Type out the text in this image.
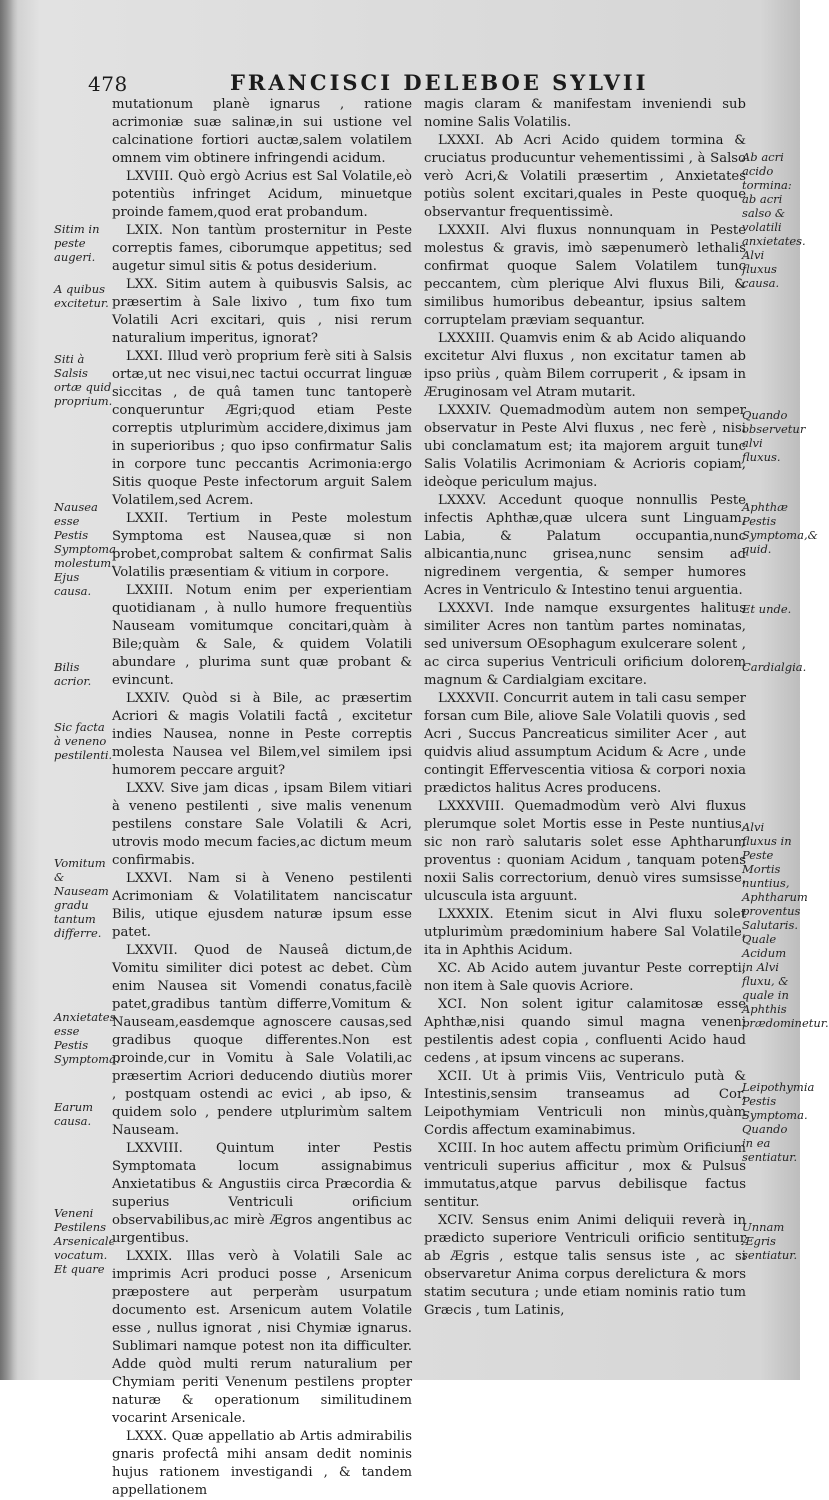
478	FRANCISCI DELEBOE SYLVII

mutationum planè ignarus , ratione acrimoniæ suæ salinæ,in sui ustione vel calcinatione fortiori auctæ,salem volatilem omnem vim obtinere infringendi acidum.

LXVIII. Quò ergò Acrius est Sal Volatile,eò potentiùs infringet Acidum, minuetque proinde famem,quod erat probandum.

LXIX. Non tantùm prosternitur in Peste correptis fames, ciborumque appetitus; sed augetur simul sitis & potus desiderium.

LXX. Sitim autem à quibusvis Salsis, ac præsertim à Sale lixivo , tum fixo tum Volatili Acri excitari, quis , nisi rerum naturalium imperitus, ignorat?

LXXI. Illud verò proprium ferè siti à Salsis ortæ,ut nec visui,nec tactui occurrat linguæ siccitas , de quâ tamen tunc tantoperè conqueruntur Ægri;quod etiam Peste correptis utplurimùm accidere,diximus jam in superioribus ; quo ipso confirmatur Salis in corpore tunc peccantis Acrimonia:ergo Sitis quoque Peste infectorum arguit Salem Volatilem,sed Acrem.

LXXII. Tertium in Peste molestum Symptoma est Nausea,quæ si non probet,comprobat saltem & confirmat Salis Volatilis præsentiam & vitium in corpore.

LXXIII. Notum enim per experientiam quotidianam , à nullo humore frequentiùs Nauseam vomitumque concitari,quàm à Bile;quàm & Sale, & quidem Volatili abundare , plurima sunt quæ probant & evincunt.

LXXIV. Quòd si à Bile, ac præsertim Acriori & magis Volatili factâ , excitetur indies Nausea, nonne in Peste correptis molesta Nausea vel Bilem,vel similem ipsi humorem peccare arguit?

LXXV. Sive jam dicas , ipsam Bilem vitiari à veneno pestilenti , sive malis venenum pestilens constare Sale Volatili & Acri, utrovis modo mecum facies,ac dictum meum confirmabis.

LXXVI. Nam si à Veneno pestilenti Acrimoniam & Volatilitatem nanciscatur Bilis, utique ejusdem naturæ ipsum esse patet.

LXXVII. Quod de Nauseâ dictum,de Vomitu similiter dici potest ac debet. Cùm enim Nausea sit Vomendi conatus,facilè patet,gradibus tantùm differre,Vomitum & Nauseam,easdemque agnoscere causas,sed gradibus quoque differentes.Non est proinde,cur in Vomitu à Sale Volatili,ac præsertim Acriori deducendo diutiùs morer , postquam ostendi ac evici , ab ipso, & quidem solo , pendere utplurimùm saltem Nauseam.

LXXVIII. Quintum inter Pestis Symptomata locum assignabimus Anxietatibus & Angustiis circa Præcordia & superius Ventriculi orificium observabilibus,ac mirè Ægros angentibus ac urgentibus.

LXXIX. Illas verò à Volatili Sale ac imprimis Acri produci posse , Arsenicum præpostere aut perperàm usurpatum documento est. Arsenicum autem Volatile esse , nullus ignorat , nisi Chymiæ ignarus. Sublimari namque potest non ita difficulter. Adde quòd multi rerum naturalium per Chymiam periti Venenum pestilens propter naturæ & operationum similitudinem vocarint Arsenicale.

LXXX. Quæ appellatio ab Artis admirabilis gnaris profectâ mihi ansam dedit nominis hujus rationem investigandi , & tandem appellationem

magis claram & manifestam inveniendi sub nomine Salis Volatilis.

LXXXI. Ab Acri Acido quidem tormina & cruciatus producuntur vehementissimi , à Salso verò Acri,& Volatili præsertim , Anxietates potiùs solent excitari,quales in Peste quoque observantur frequentissimè.

LXXXII. Alvi fluxus nonnunquam in Peste molestus & gravis, imò sæpenumerò lethalis confirmat quoque Salem Volatilem tunc peccantem, cùm plerique Alvi fluxus Bili, & similibus humoribus debeantur, ipsius saltem corruptelam præviam sequantur.

LXXXIII. Quamvis enim & ab Acido aliquando excitetur Alvi fluxus , non excitatur tamen ab ipso priùs , quàm Bilem corruperit , & ipsam in Æruginosam vel Atram mutarit.

LXXXIV. Quemadmodùm autem non semper observatur in Peste Alvi fluxus , nec ferè , nisi ubi conclamatum est; ita majorem arguit tunc Salis Volatilis Acrimoniam & Acrioris copiam, ideòque periculum majus.

LXXXV. Accedunt quoque nonnullis Peste infectis Aphthæ,quæ ulcera sunt Linguam, Labia, & Palatum occupantia,nunc albicantia,nunc grisea,nunc sensim ad nigredinem vergentia, & semper humores Acres in Ventriculo & Intestino tenui arguentia.

LXXXVI. Inde namque exsurgentes halitus similiter Acres non tantùm partes nominatas, sed universum OEsophagum exulcerare solent , ac circa superius Ventriculi orificium dolorem magnum & Cardialgiam excitare.

LXXXVII. Concurrit autem in tali casu semper forsan cum Bile, aliove Sale Volatili quovis , sed Acri , Succus Pancreaticus similiter Acer , aut quidvis aliud assumptum Acidum & Acre , unde contingit Effervescentia vitiosa & corpori noxia prædictos halitus Acres producens.

LXXXVIII. Quemadmodùm verò Alvi fluxus plerumque solet Mortis esse in Peste nuntius, sic non rarò salutaris solet esse Aphtharum proventus : quoniam Acidum , tanquam potens noxii Salis correctorium, denuò vires sumsisse, ulcuscula ista arguunt.

LXXXIX. Etenim sicut in Alvi fluxu solet utplurimùm prædominium habere Sal Volatile, ita in Aphthis Acidum.

XC. Ab Acido autem juvantur Peste correpti, non item à Sale quovis Acriore.

XCI. Non solent igitur calamitosæ esse Aphthæ,nisi quando simul magna veneni pestilentis adest copia , confluenti Acido haud cedens , at ipsum vincens ac superans.

XCII. Ut à primis Viis, Ventriculo putà & Intestinis,sensim transeamus ad Cor, Leipothymiam Ventriculi non minùs,quàm Cordis affectum examinabimus.

XCIII. In hoc autem affectu primùm Orificium ventriculi superius afficitur , mox & Pulsus immutatus,atque parvus debilisque factus sentitur.

XCIV. Sensus enim Animi deliquii reverà in prædicto superiore Ventriculi orificio sentitur ab Ægris , estque talis sensus iste , ac si observaretur Anima corpus derelictura & mors statim secutura ; unde etiam nominis ratio tum Græcis , tum Latinis,

Sitim in peste augeri.
A quibus excitetur.
Siti à Salsis ortæ quid proprium.
Nausea esse Pestis Symptoma molestum. Ejus causa.
Bilis acrior.
Sic facta à veneno pestilenti.
Vomitum & Nauseam gradu tantum differre.
Anxietates esse Pestis Symptoma.
Earum causa.
Veneni Pestilens Arsenicale vocatum. Et quare
Ab acri acido tormina: ab acri salso & volatili anxietates. Alvi fluxus causa.
Quando observetur alvi fluxus.
Aphthæ Pestis Symptoma,& quid.
Et unde.
Cardialgia.
Alvi fluxus in Peste Mortis nuntius, Aphtharum proventus Salutaris. Quale Acidum in Alvi fluxu, & quale in Aphthis prædominetur.
Leipothymia Pestis Symptoma. Quando in ea sentiatur.
Unnam Ægris sentiatur.
